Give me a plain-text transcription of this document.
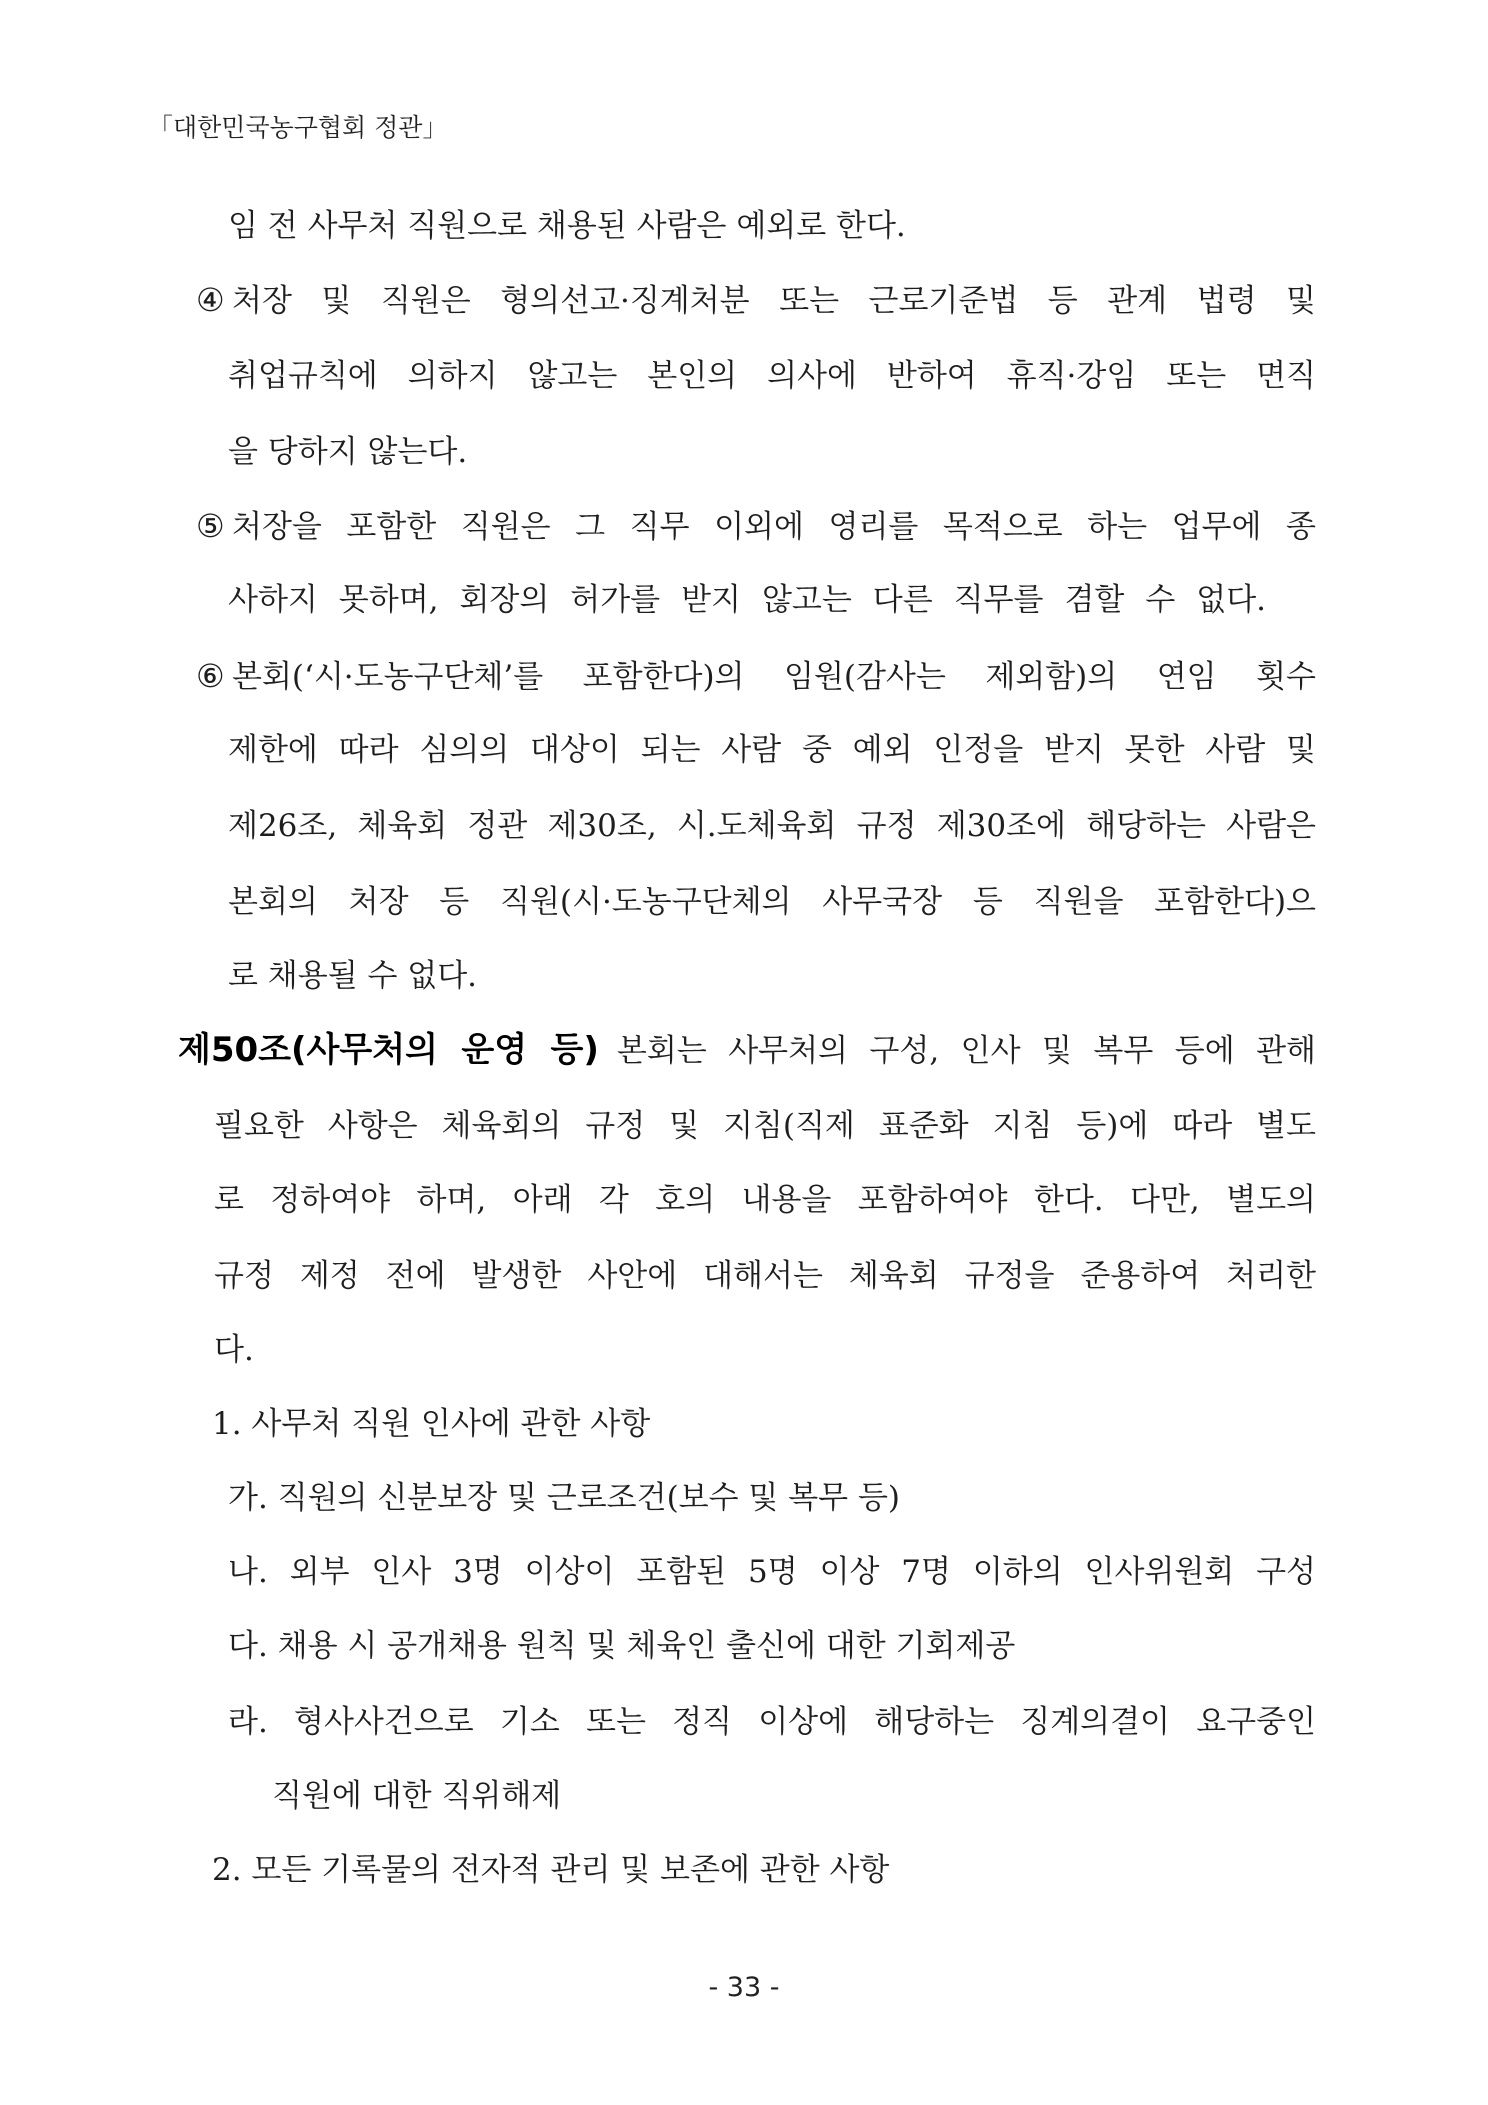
「대한민국농구협회 정관」
임 전 사무처 직원으로 채용된 사람은 예외로 한다.
④ 처장 및 직원은 형의선고·징계처분 또는 근로기준법 등 관계 법령 및
취업규칙에 의하지 않고는 본인의 의사에 반하여 휴직·강임 또는 면직
을 당하지 않는다.
⑤ 처장을 포함한 직원은 그 직무 이외에 영리를 목적으로 하는 업무에 종
사하지 못하며, 회장의 허가를 받지 않고는 다른 직무를 겸할 수 없다.
⑥ 본회(‘시·도농구단체’를 포함한다)의 임원(감사는 제외함)의 연임 횟수
제한에 따라 심의의 대상이 되는 사람 중 예외 인정을 받지 못한 사람 및
제26조, 체육회 정관 제30조, 시.도체육회 규정 제30조에 해당하는 사람은
본회의 처장 등 직원(시·도농구단체의 사무국장 등 직원을 포함한다)으
로 채용될 수 없다.
제50조(사무처의 운영 등) 본회는 사무처의 구성, 인사 및 복무 등에 관해
필요한 사항은 체육회의 규정 및 지침(직제 표준화 지침 등)에 따라 별도
로 정하여야 하며, 아래 각 호의 내용을 포함하여야 한다. 다만, 별도의
규정 제정 전에 발생한 사안에 대해서는 체육회 규정을 준용하여 처리한
다.
1. 사무처 직원 인사에 관한 사항
가. 직원의 신분보장 및 근로조건(보수 및 복무 등)
나. 외부 인사 3명 이상이 포함된 5명 이상 7명 이하의 인사위원회 구성
다. 채용 시 공개채용 원칙 및 체육인 출신에 대한 기회제공
라. 형사사건으로 기소 또는 정직 이상에 해당하는 징계의결이 요구중인
직원에 대한 직위해제
2. 모든 기록물의 전자적 관리 및 보존에 관한 사항
- 33 -
